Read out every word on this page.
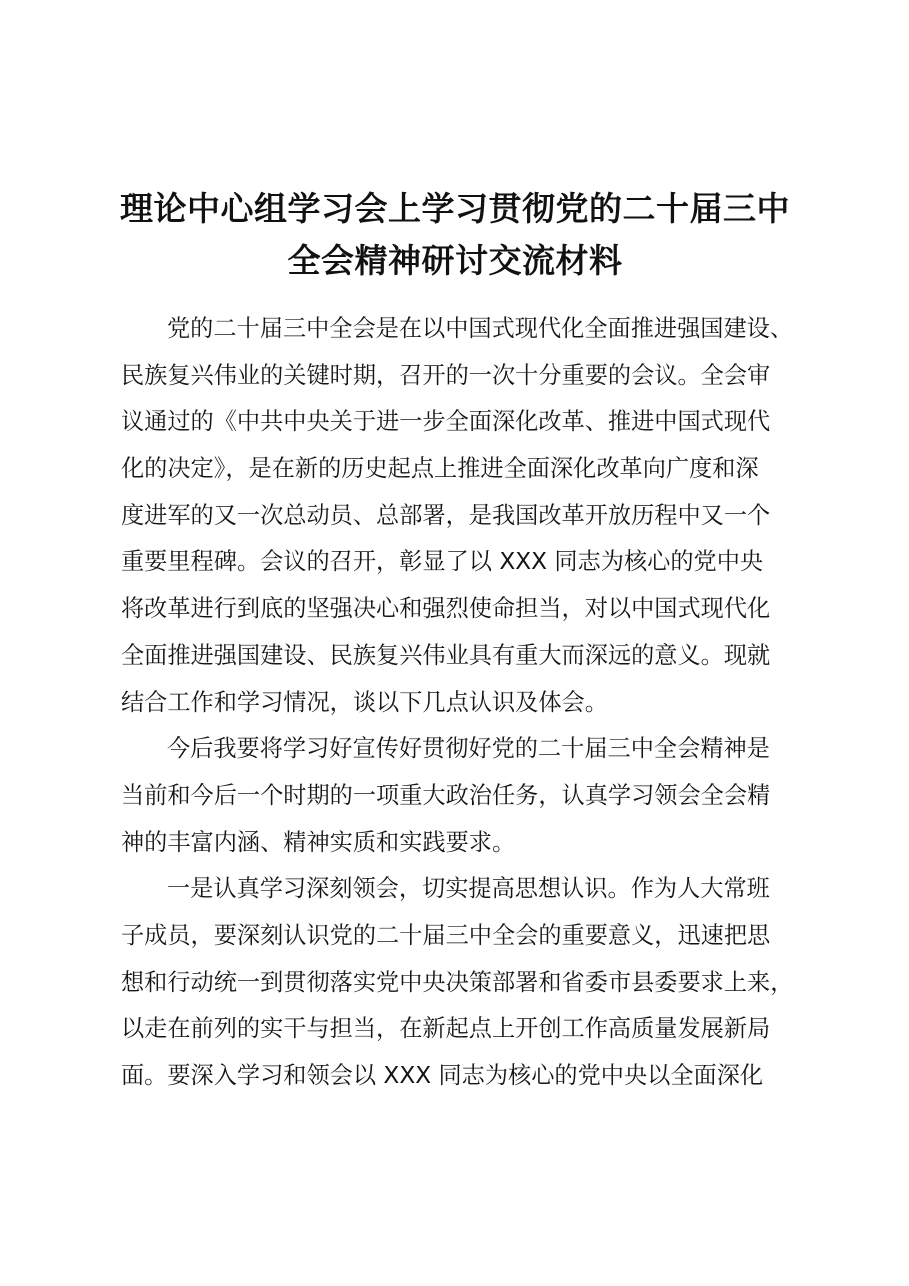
理论中心组学习会上学习贯彻党的二十届三中
全会精神研讨交流材料
党的二十届三中全会是在以中国式现代化全面推进强国建设、
民族复兴伟业的关键时期，召开的一次十分重要的会议。全会审
议通过的《中共中央关于进一步全面深化改革、推进中国式现代
化的决定》，是在新的历史起点上推进全面深化改革向广度和深
度进军的又一次总动员、总部署，是我国改革开放历程中又一个
重要里程碑。会议的召开，彰显了以 XXX 同志为核心的党中央
将改革进行到底的坚强决心和强烈使命担当，对以中国式现代化
全面推进强国建设、民族复兴伟业具有重大而深远的意义。现就
结合工作和学习情况，谈以下几点认识及体会。
今后我要将学习好宣传好贯彻好党的二十届三中全会精神是
当前和今后一个时期的一项重大政治任务，认真学习领会全会精
神的丰富内涵、精神实质和实践要求。
一是认真学习深刻领会，切实提高思想认识。作为人大常班
子成员，要深刻认识党的二十届三中全会的重要意义，迅速把思
想和行动统一到贯彻落实党中央决策部署和省委市县委要求上来，
以走在前列的实干与担当，在新起点上开创工作高质量发展新局
面。要深入学习和领会以 XXX 同志为核心的党中央以全面深化
